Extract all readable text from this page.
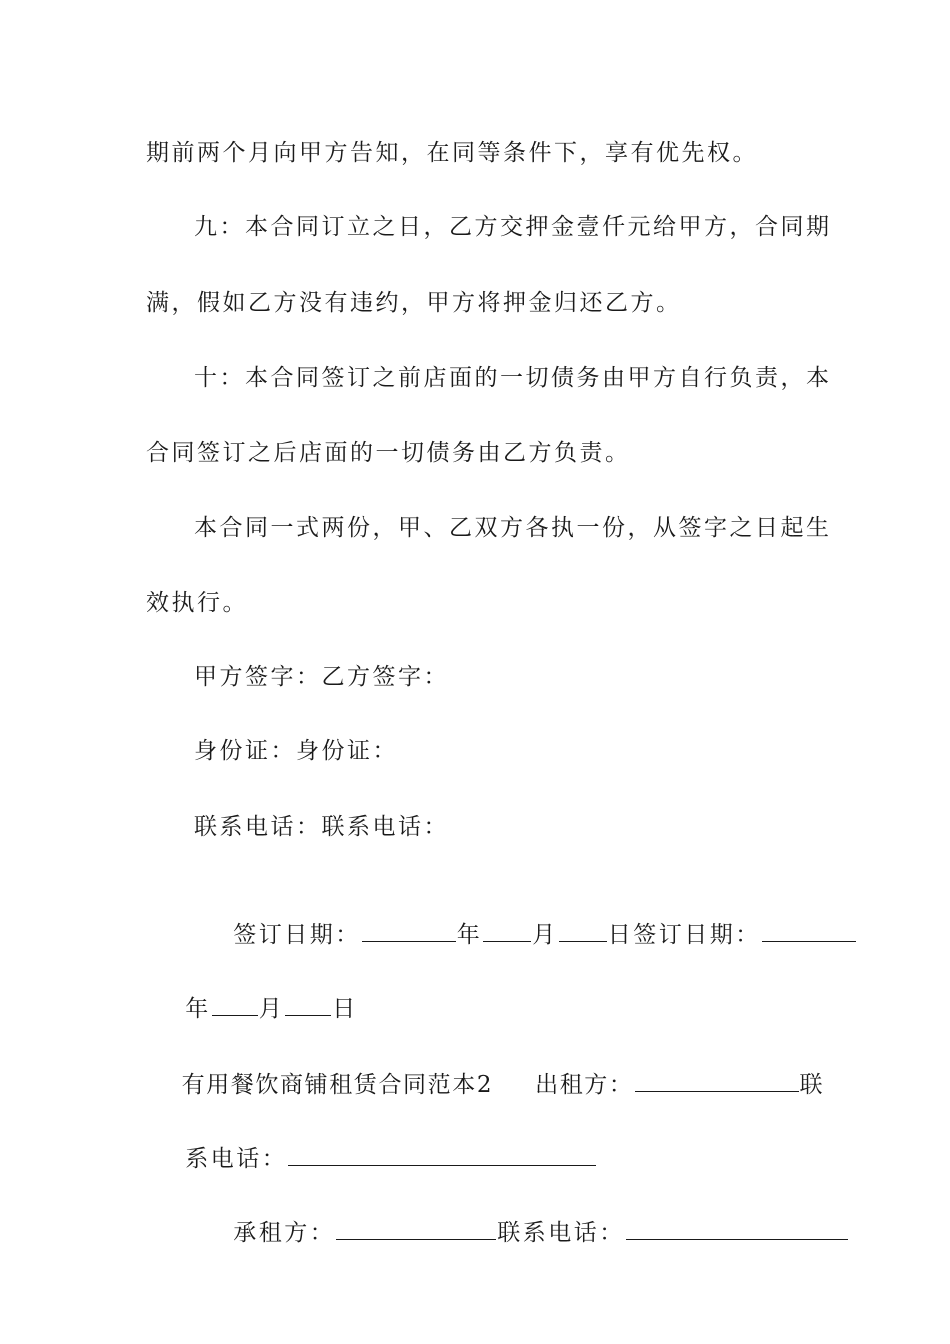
期前两个月向甲方告知，在同等条件下，享有优先权。
九：本合同订立之日，乙方交押金壹仟元给甲方，合同期
满，假如乙方没有违约，甲方将押金归还乙方。
十：本合同签订之前店面的一切债务由甲方自行负责，本
合同签订之后店面的一切债务由乙方负责。
本合同一式两份，甲、乙双方各执一份，从签字之日起生
效执行。
甲方签字：乙方签字：
身份证：身份证：
联系电话：联系电话：

签订日期：	年 月 日签订日期：

年 月 日

有用餐饮商铺租赁合同范本2 出租方：	联

系电话：

承租方：	联系电话：
